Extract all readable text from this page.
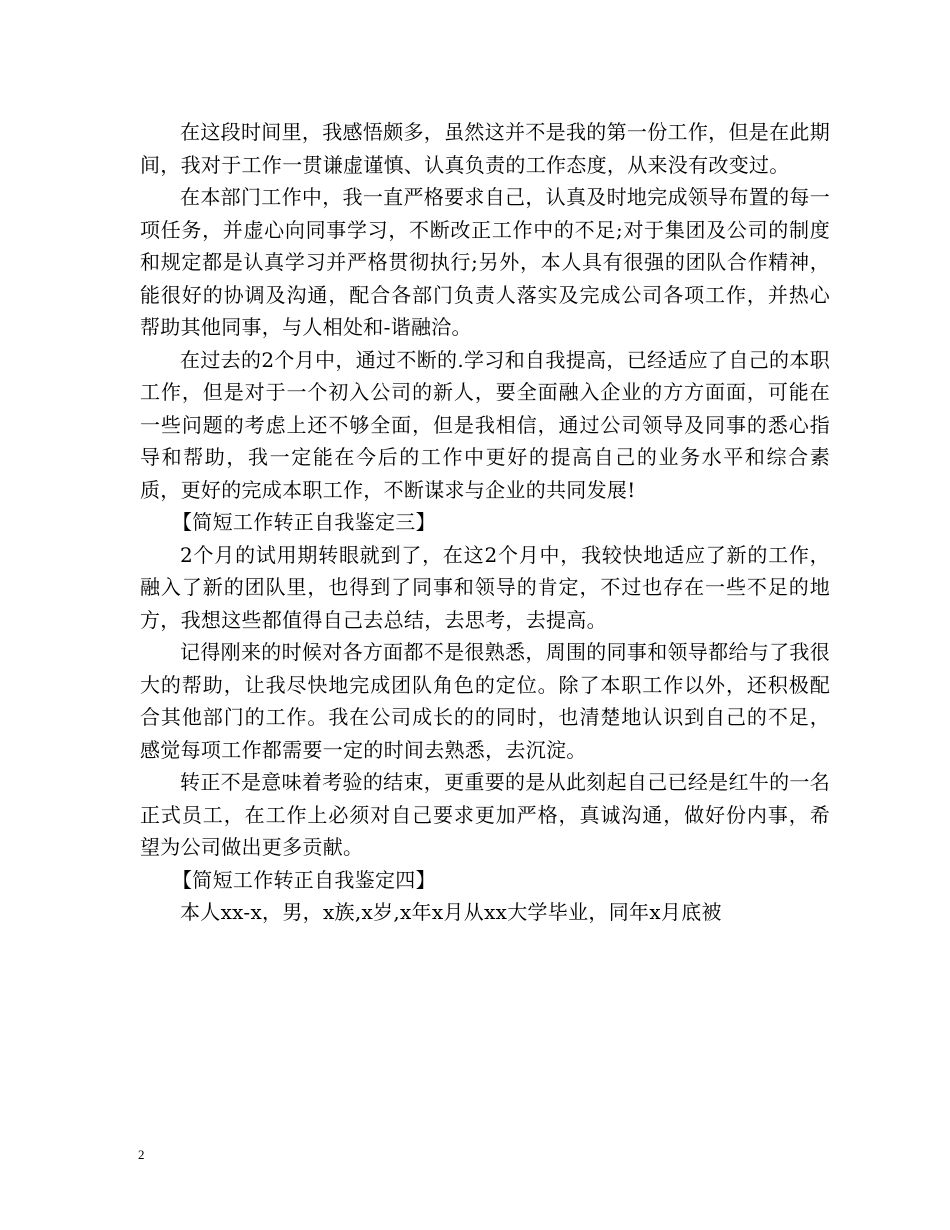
在这段时间里，我感悟颇多，虽然这并不是我的第一份工作，但是在此期间，我对于工作一贯谦虚谨慎、认真负责的工作态度，从来没有改变过。

在本部门工作中，我一直严格要求自己，认真及时地完成领导布置的每一项任务，并虚心向同事学习，不断改正工作中的不足;对于集团及公司的制度和规定都是认真学习并严格贯彻执行;另外，本人具有很强的团队合作精神，能很好的协调及沟通，配合各部门负责人落实及完成公司各项工作，并热心帮助其他同事，与人相处和-谐融洽。

在过去的2个月中，通过不断的.学习和自我提高，已经适应了自己的本职工作，但是对于一个初入公司的新人，要全面融入企业的方方面面，可能在一些问题的考虑上还不够全面，但是我相信，通过公司领导及同事的悉心指导和帮助，我一定能在今后的工作中更好的提高自己的业务水平和综合素质，更好的完成本职工作，不断谋求与企业的共同发展!

【简短工作转正自我鉴定三】

2个月的试用期转眼就到了，在这2个月中，我较快地适应了新的工作，融入了新的团队里，也得到了同事和领导的肯定，不过也存在一些不足的地方，我想这些都值得自己去总结，去思考，去提高。

记得刚来的时候对各方面都不是很熟悉，周围的同事和领导都给与了我很大的帮助，让我尽快地完成团队角色的定位。除了本职工作以外，还积极配合其他部门的工作。我在公司成长的的同时，也清楚地认识到自己的不足，感觉每项工作都需要一定的时间去熟悉，去沉淀。

转正不是意味着考验的结束，更重要的是从此刻起自己已经是红牛的一名正式员工，在工作上必须对自己要求更加严格，真诚沟通，做好份内事，希望为公司做出更多贡献。

【简短工作转正自我鉴定四】

本人xx-x，男，x族,x岁,x年x月从xx大学毕业，同年x月底被

2
